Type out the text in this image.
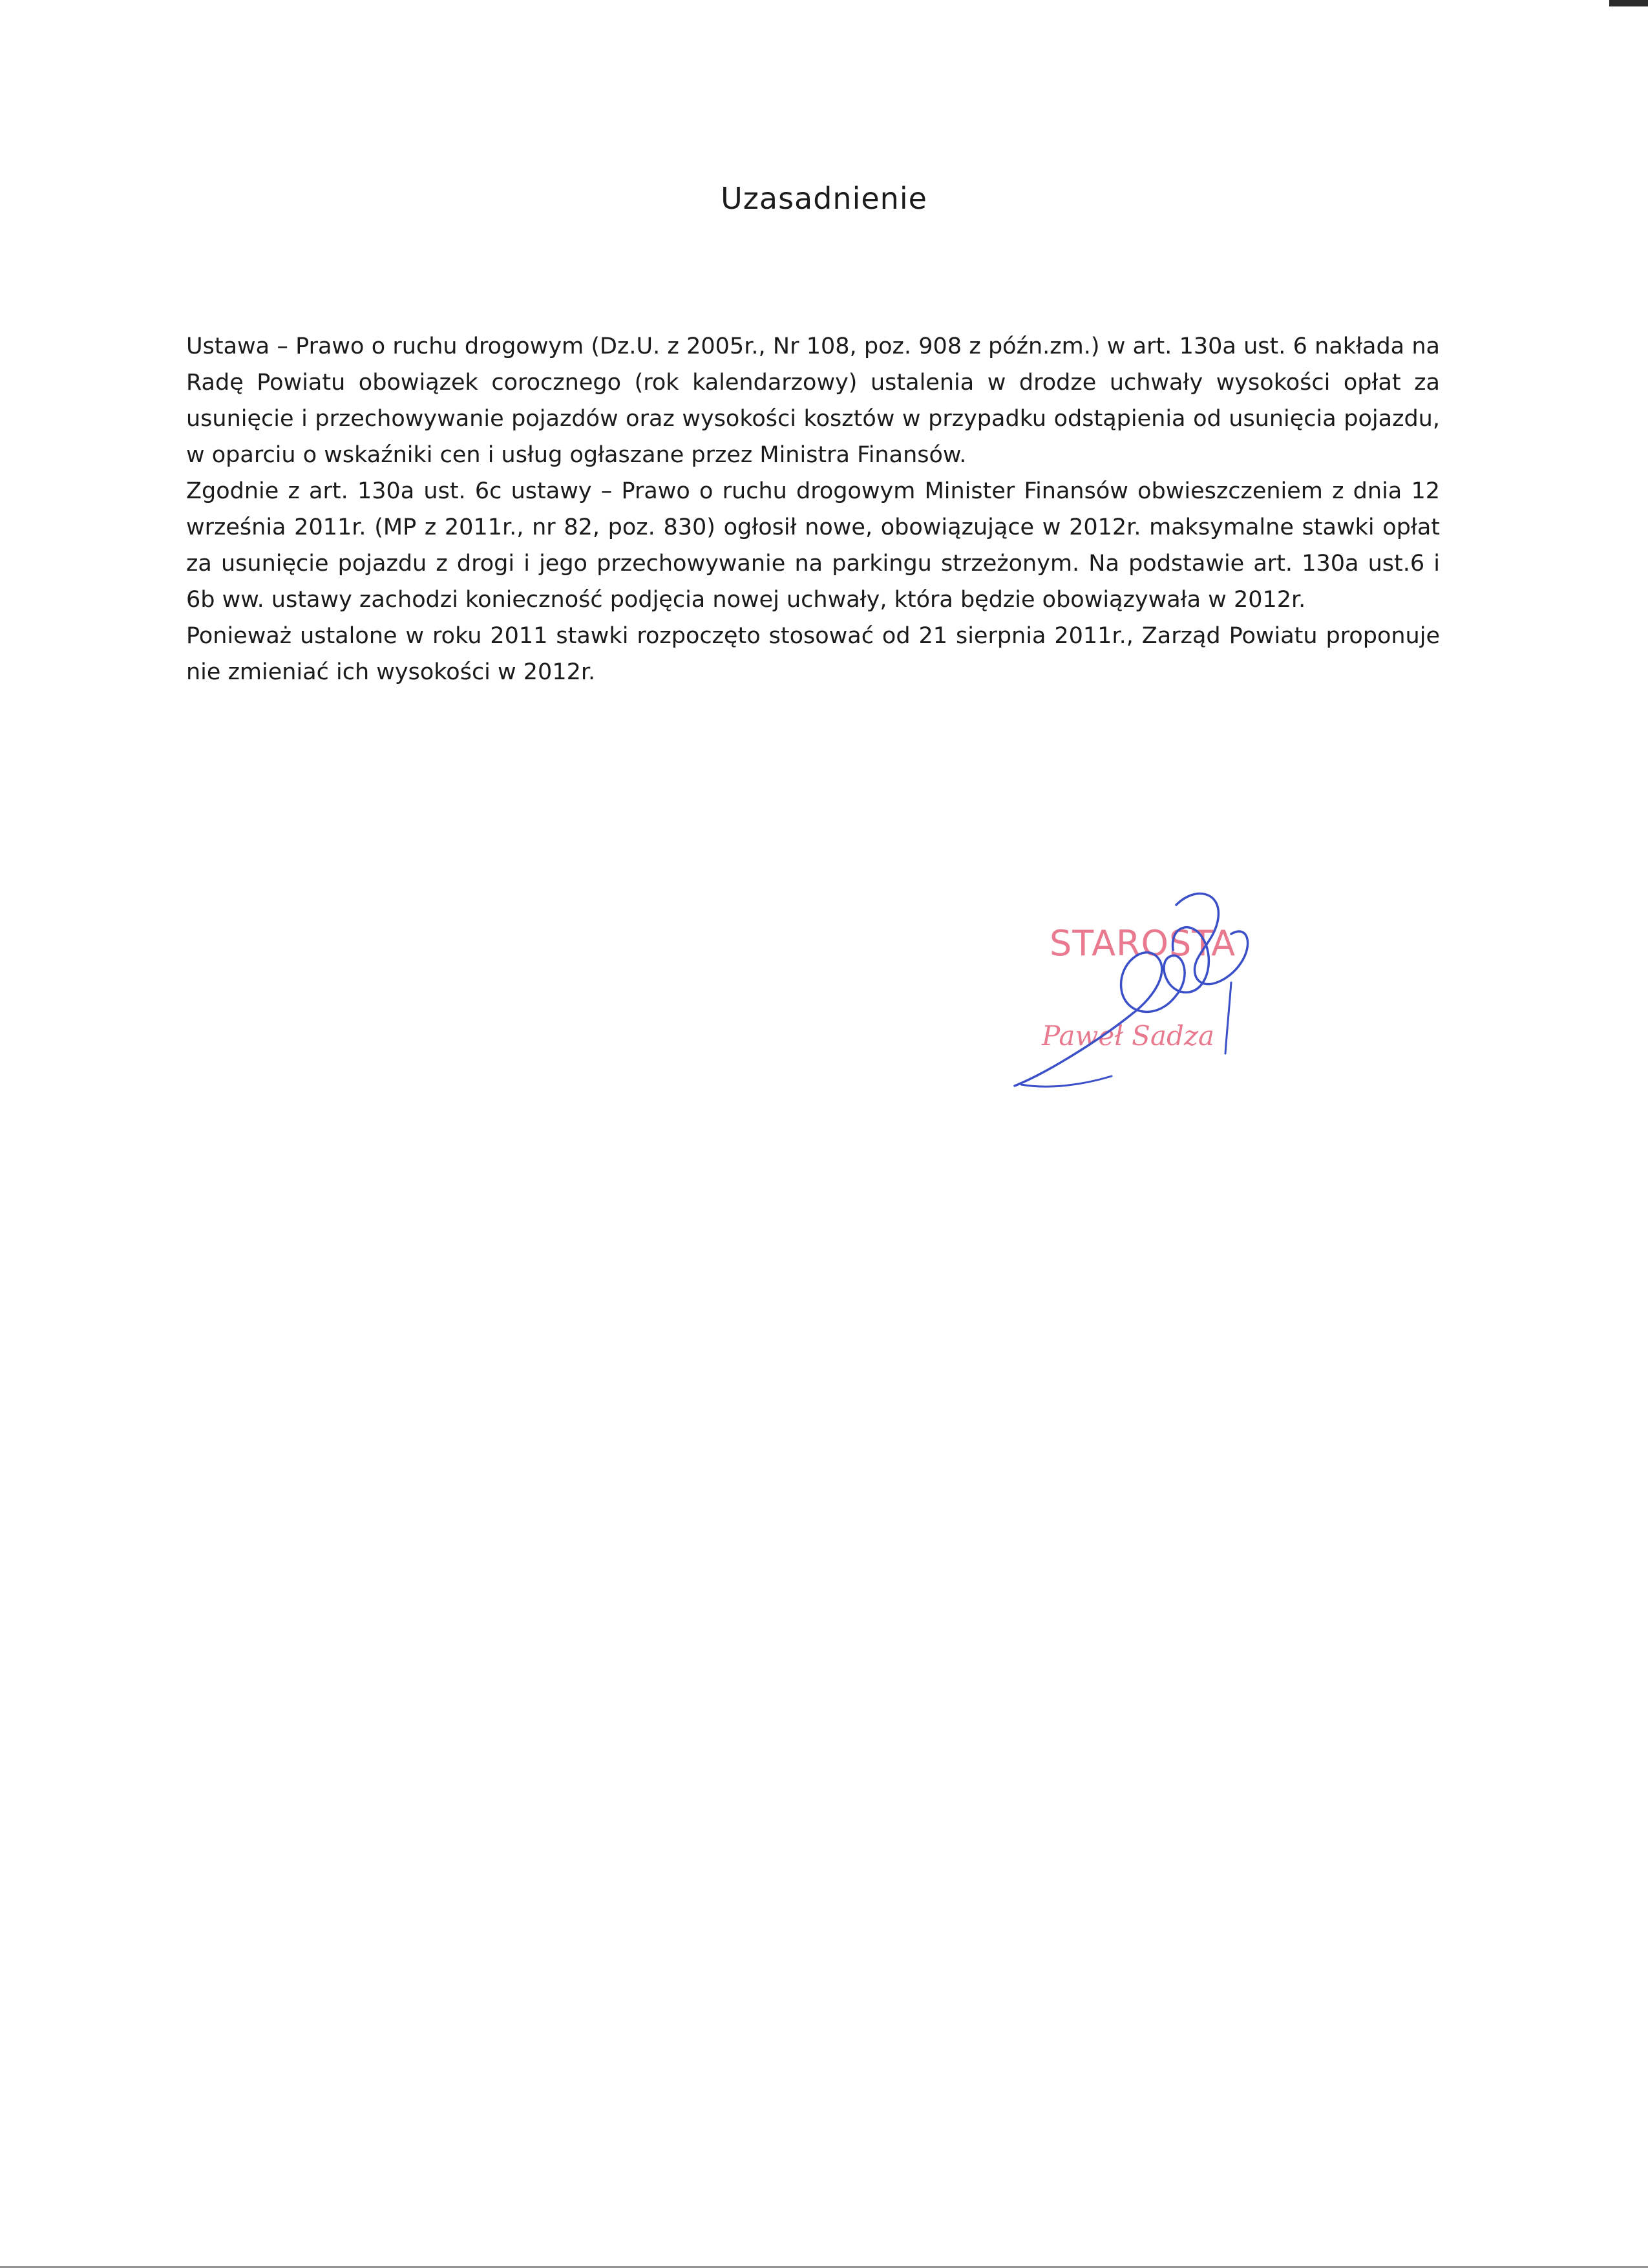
Uzasadnienie

Ustawa – Prawo o ruchu drogowym (Dz.U. z 2005r., Nr 108, poz. 908 z późn.zm.) w art. 130a ust. 6 nakłada na Radę Powiatu obowiązek corocznego (rok kalendarzowy) ustalenia w drodze uchwały wysokości opłat za usunięcie i przechowywanie pojazdów oraz wysokości kosztów w przypadku odstąpienia od usunięcia pojazdu, w oparciu o wskaźniki cen i usług ogłaszane przez Ministra Finansów.

Zgodnie z art. 130a ust. 6c ustawy – Prawo o ruchu drogowym Minister Finansów obwieszczeniem z dnia 12 września 2011r. (MP z 2011r., nr 82, poz. 830) ogłosił nowe, obowiązujące w 2012r. maksymalne stawki opłat za usunięcie pojazdu z drogi i jego przechowywanie na parkingu strzeżonym. Na podstawie art. 130a ust.6 i 6b ww. ustawy zachodzi konieczność podjęcia nowej uchwały, która będzie obowiązywała w 2012r.

Ponieważ ustalone w roku 2011 stawki rozpoczęto stosować od 21 sierpnia 2011r., Zarząd Powiatu proponuje nie zmieniać ich wysokości w 2012r.

STAROSTA
Paweł Sadza
